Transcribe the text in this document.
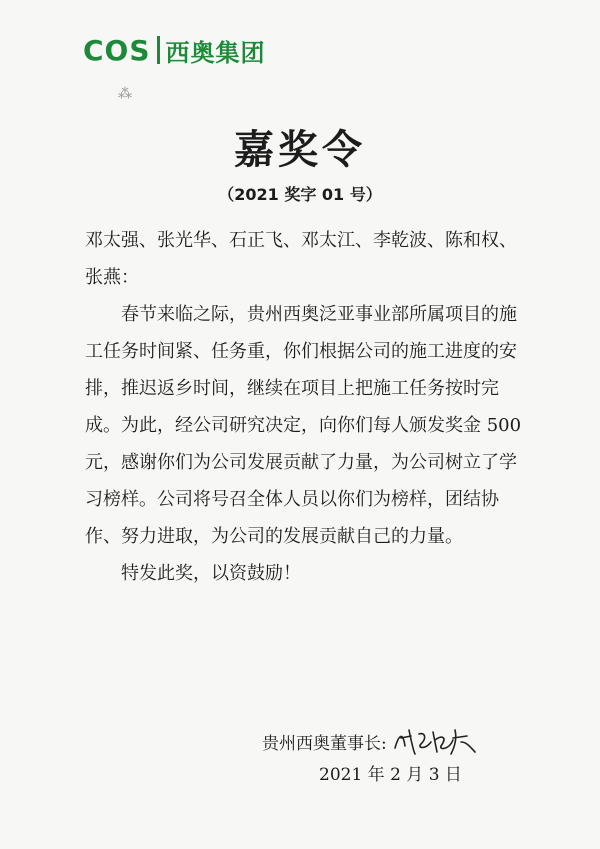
COS 西奥集团
⁂
嘉奖令
（2021 奖字 01 号）

邓太强、张光华、石正飞、邓太江、李乾波、陈和权、张燕：

春节来临之际，贵州西奥泛亚事业部所属项目的施工任务时间紧、任务重，你们根据公司的施工进度的安排，推迟返乡时间，继续在项目上把施工任务按时完成。为此，经公司研究决定，向你们每人颁发奖金 500 元，感谢你们为公司发展贡献了力量，为公司树立了学习榜样。公司将号召全体人员以你们为榜样，团结协作、努力进取，为公司的发展贡献自己的力量。

特发此奖，以资鼓励！

贵州西奥董事长:
2021 年 2 月 3 日
